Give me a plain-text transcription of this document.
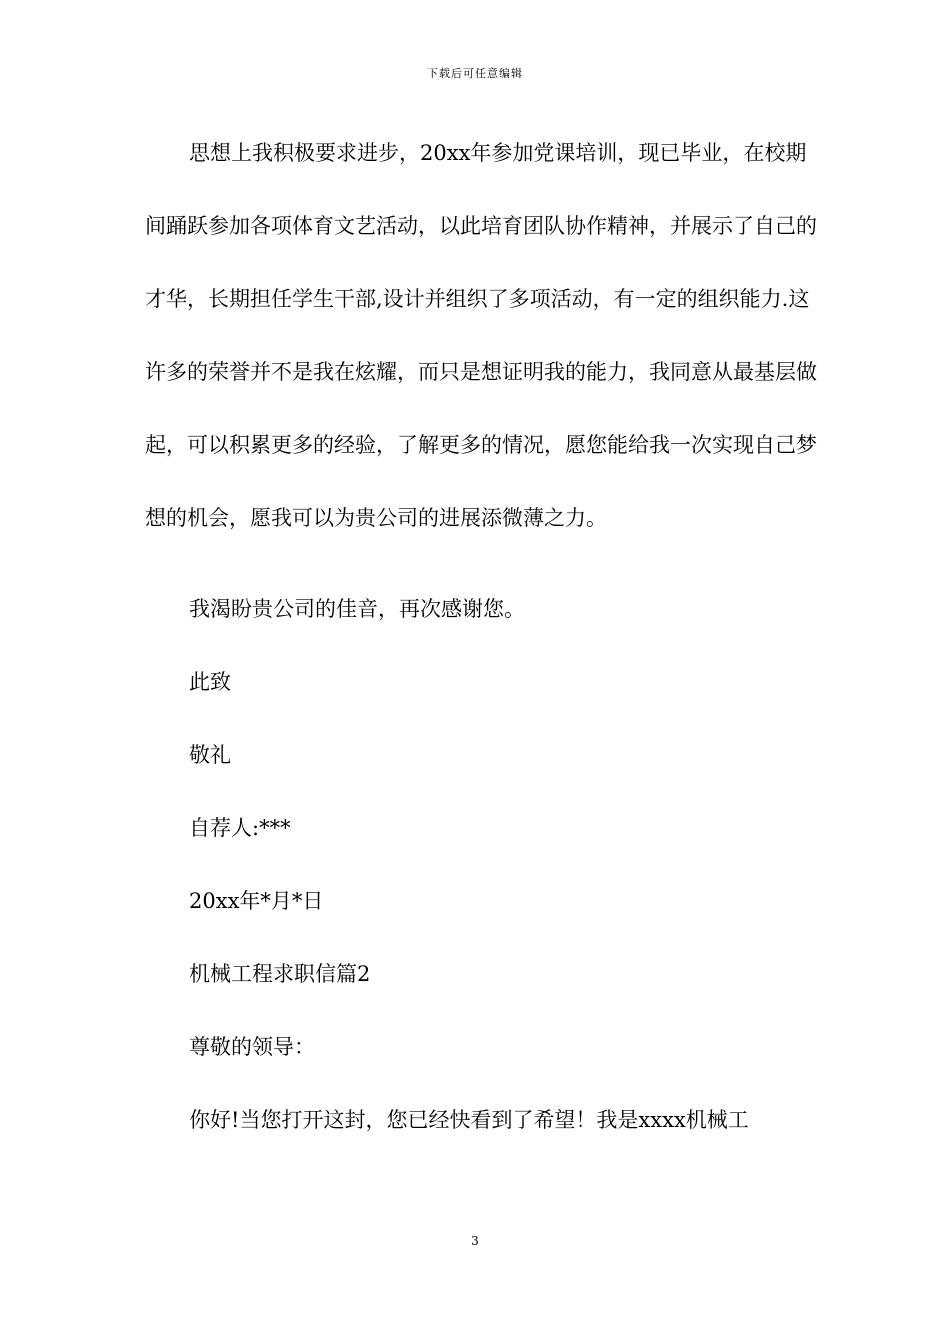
下载后可任意编辑

思想上我积极要求进步，20xx年参加党课培训，现已毕业，在校期间踊跃参加各项体育文艺活动，以此培育团队协作精神，并展示了自己的才华，长期担任学生干部,设计并组织了多项活动，有一定的组织能力.这许多的荣誉并不是我在炫耀，而只是想证明我的能力，我同意从最基层做起，可以积累更多的经验，了解更多的情况，愿您能给我一次实现自己梦想的机会，愿我可以为贵公司的进展添微薄之力。

我渴盼贵公司的佳音，再次感谢您。
此致
敬礼
自荐人:***
20xx年*月*日
机械工程求职信篇2
尊敬的领导：
你好!当您打开这封，您已经快看到了希望！我是xxxx机械工
3
